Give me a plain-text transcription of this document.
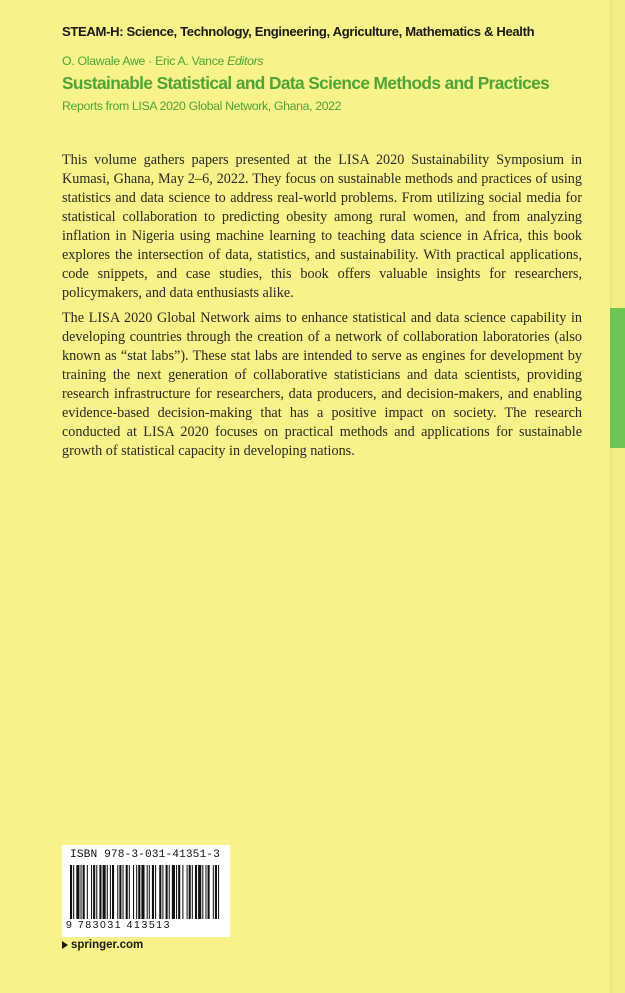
STEAM-H: Science, Technology, Engineering, Agriculture, Mathematics & Health
O. Olawale Awe · Eric A. Vance Editors
Sustainable Statistical and Data Science Methods and Practices
Reports from LISA 2020 Global Network, Ghana, 2022

This volume gathers papers presented at the LISA 2020 Sustainability Symposium in Kumasi, Ghana, May 2–6, 2022. They focus on sustainable methods and practices of using statistics and data science to address real-world problems. From utilizing social media for statistical collaboration to predicting obesity among rural women, and from analyzing inflation in Nigeria using machine learning to teaching data science in Africa, this book explores the intersection of data, statistics, and sustainability. With practical applications, code snippets, and case studies, this book offers valuable insights for researchers, policymakers, and data enthusiasts alike.

The LISA 2020 Global Network aims to enhance statistical and data science capability in developing countries through the creation of a network of collaboration laboratories (also known as “stat labs”). These stat labs are intended to serve as engines for development by training the next generation of collaborative statisticians and data scientists, providing research infrastructure for researchers, data producers, and decision-makers, and enabling evidence-based decision-making that has a positive impact on society. The research conducted at LISA 2020 focuses on practical methods and applications for sustainable growth of statistical capacity in developing nations.

ISBN 978-3-031-41351-3
9 783031 413513
springer.com
